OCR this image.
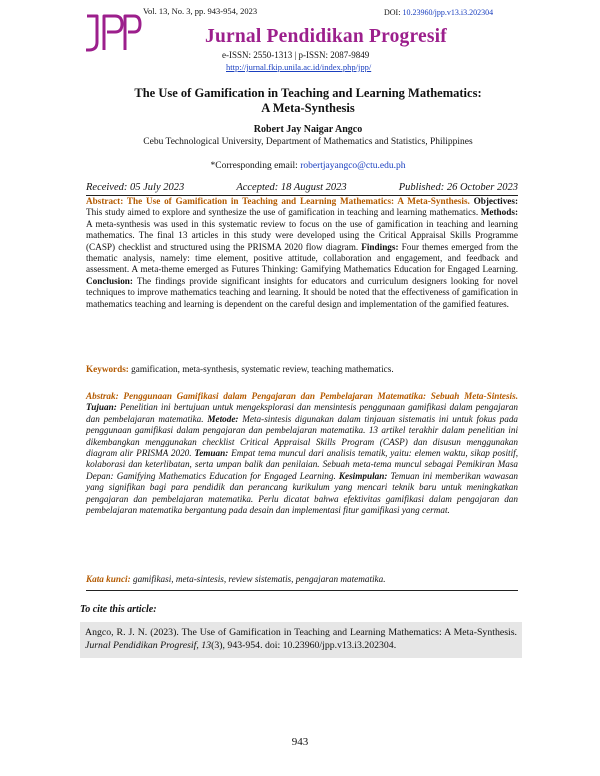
Vol. 13, No. 3, pp. 943-954, 2023	DOI: 10.23960/jpp.v13.i3.202304
Jurnal Pendidikan Progresif
e-ISSN: 2550-1313 | p-ISSN: 2087-9849
http://jurnal.fkip.unila.ac.id/index.php/jpp/
The Use of Gamification in Teaching and Learning Mathematics:
A Meta-Synthesis
Robert Jay Naigar Angco
Cebu Technological University, Department of Mathematics and Statistics, Philippines
*Corresponding email: robertjayangco@ctu.edu.ph
Received: 05 July 2023	Accepted: 18 August 2023	Published: 26 October 2023
Abstract: The Use of Gamification in Teaching and Learning Mathematics: A Meta-Synthesis. Objectives: This study aimed to explore and synthesize the use of gamification in teaching and learning mathematics. Methods: A meta-synthesis was used in this systematic review to focus on the use of gamification in teaching and learning mathematics. The final 13 articles in this study were developed using the Critical Appraisal Skills Programme (CASP) checklist and structured using the PRISMA 2020 flow diagram. Findings: Four themes emerged from the thematic analysis, namely: time element, positive attitude, collaboration and engagement, and feedback and assessment. A meta-theme emerged as Futures Thinking: Gamifying Mathematics Education for Engaged Learning. Conclusion: The findings provide significant insights for educators and curriculum designers looking for novel techniques to improve mathematics teaching and learning. It should be noted that the effectiveness of gamification in mathematics teaching and learning is dependent on the careful design and implementation of the gamified features.
Keywords: gamification, meta-synthesis, systematic review, teaching mathematics.
Abstrak: Penggunaan Gamifikasi dalam Pengajaran dan Pembelajaran Matematika: Sebuah Meta-Sintesis. Tujuan: Penelitian ini bertujuan untuk mengeksplorasi dan mensintesis penggunaan gamifikasi dalam pengajaran dan pembelajaran matematika. Metode: Meta-sintesis digunakan dalam tinjauan sistematis ini untuk fokus pada penggunaan gamifikasi dalam pengajaran dan pembelajaran matematika. 13 artikel terakhir dalam penelitian ini dikembangkan menggunakan checklist Critical Appraisal Skills Program (CASP) dan disusun menggunakan diagram alir PRISMA 2020. Temuan: Empat tema muncul dari analisis tematik, yaitu: elemen waktu, sikap positif, kolaborasi dan keterlibatan, serta umpan balik dan penilaian. Sebuah meta-tema muncul sebagai Pemikiran Masa Depan: Gamifying Mathematics Education for Engaged Learning. Kesimpulan: Temuan ini memberikan wawasan yang signifikan bagi para pendidik dan perancang kurikulum yang mencari teknik baru untuk meningkatkan pengajaran dan pembelajaran matematika. Perlu dicatat bahwa efektivitas gamifikasi dalam pengajaran dan pembelajaran matematika bergantung pada desain dan implementasi fitur gamifikasi yang cermat.
Kata kunci: gamifikasi, meta-sintesis, review sistematis, pengajaran matematika.
To cite this article:
Angco, R. J. N. (2023). The Use of Gamification in Teaching and Learning Mathematics: A Meta-Synthesis. Jurnal Pendidikan Progresif, 13(3), 943-954. doi: 10.23960/jpp.v13.i3.202304.
943
